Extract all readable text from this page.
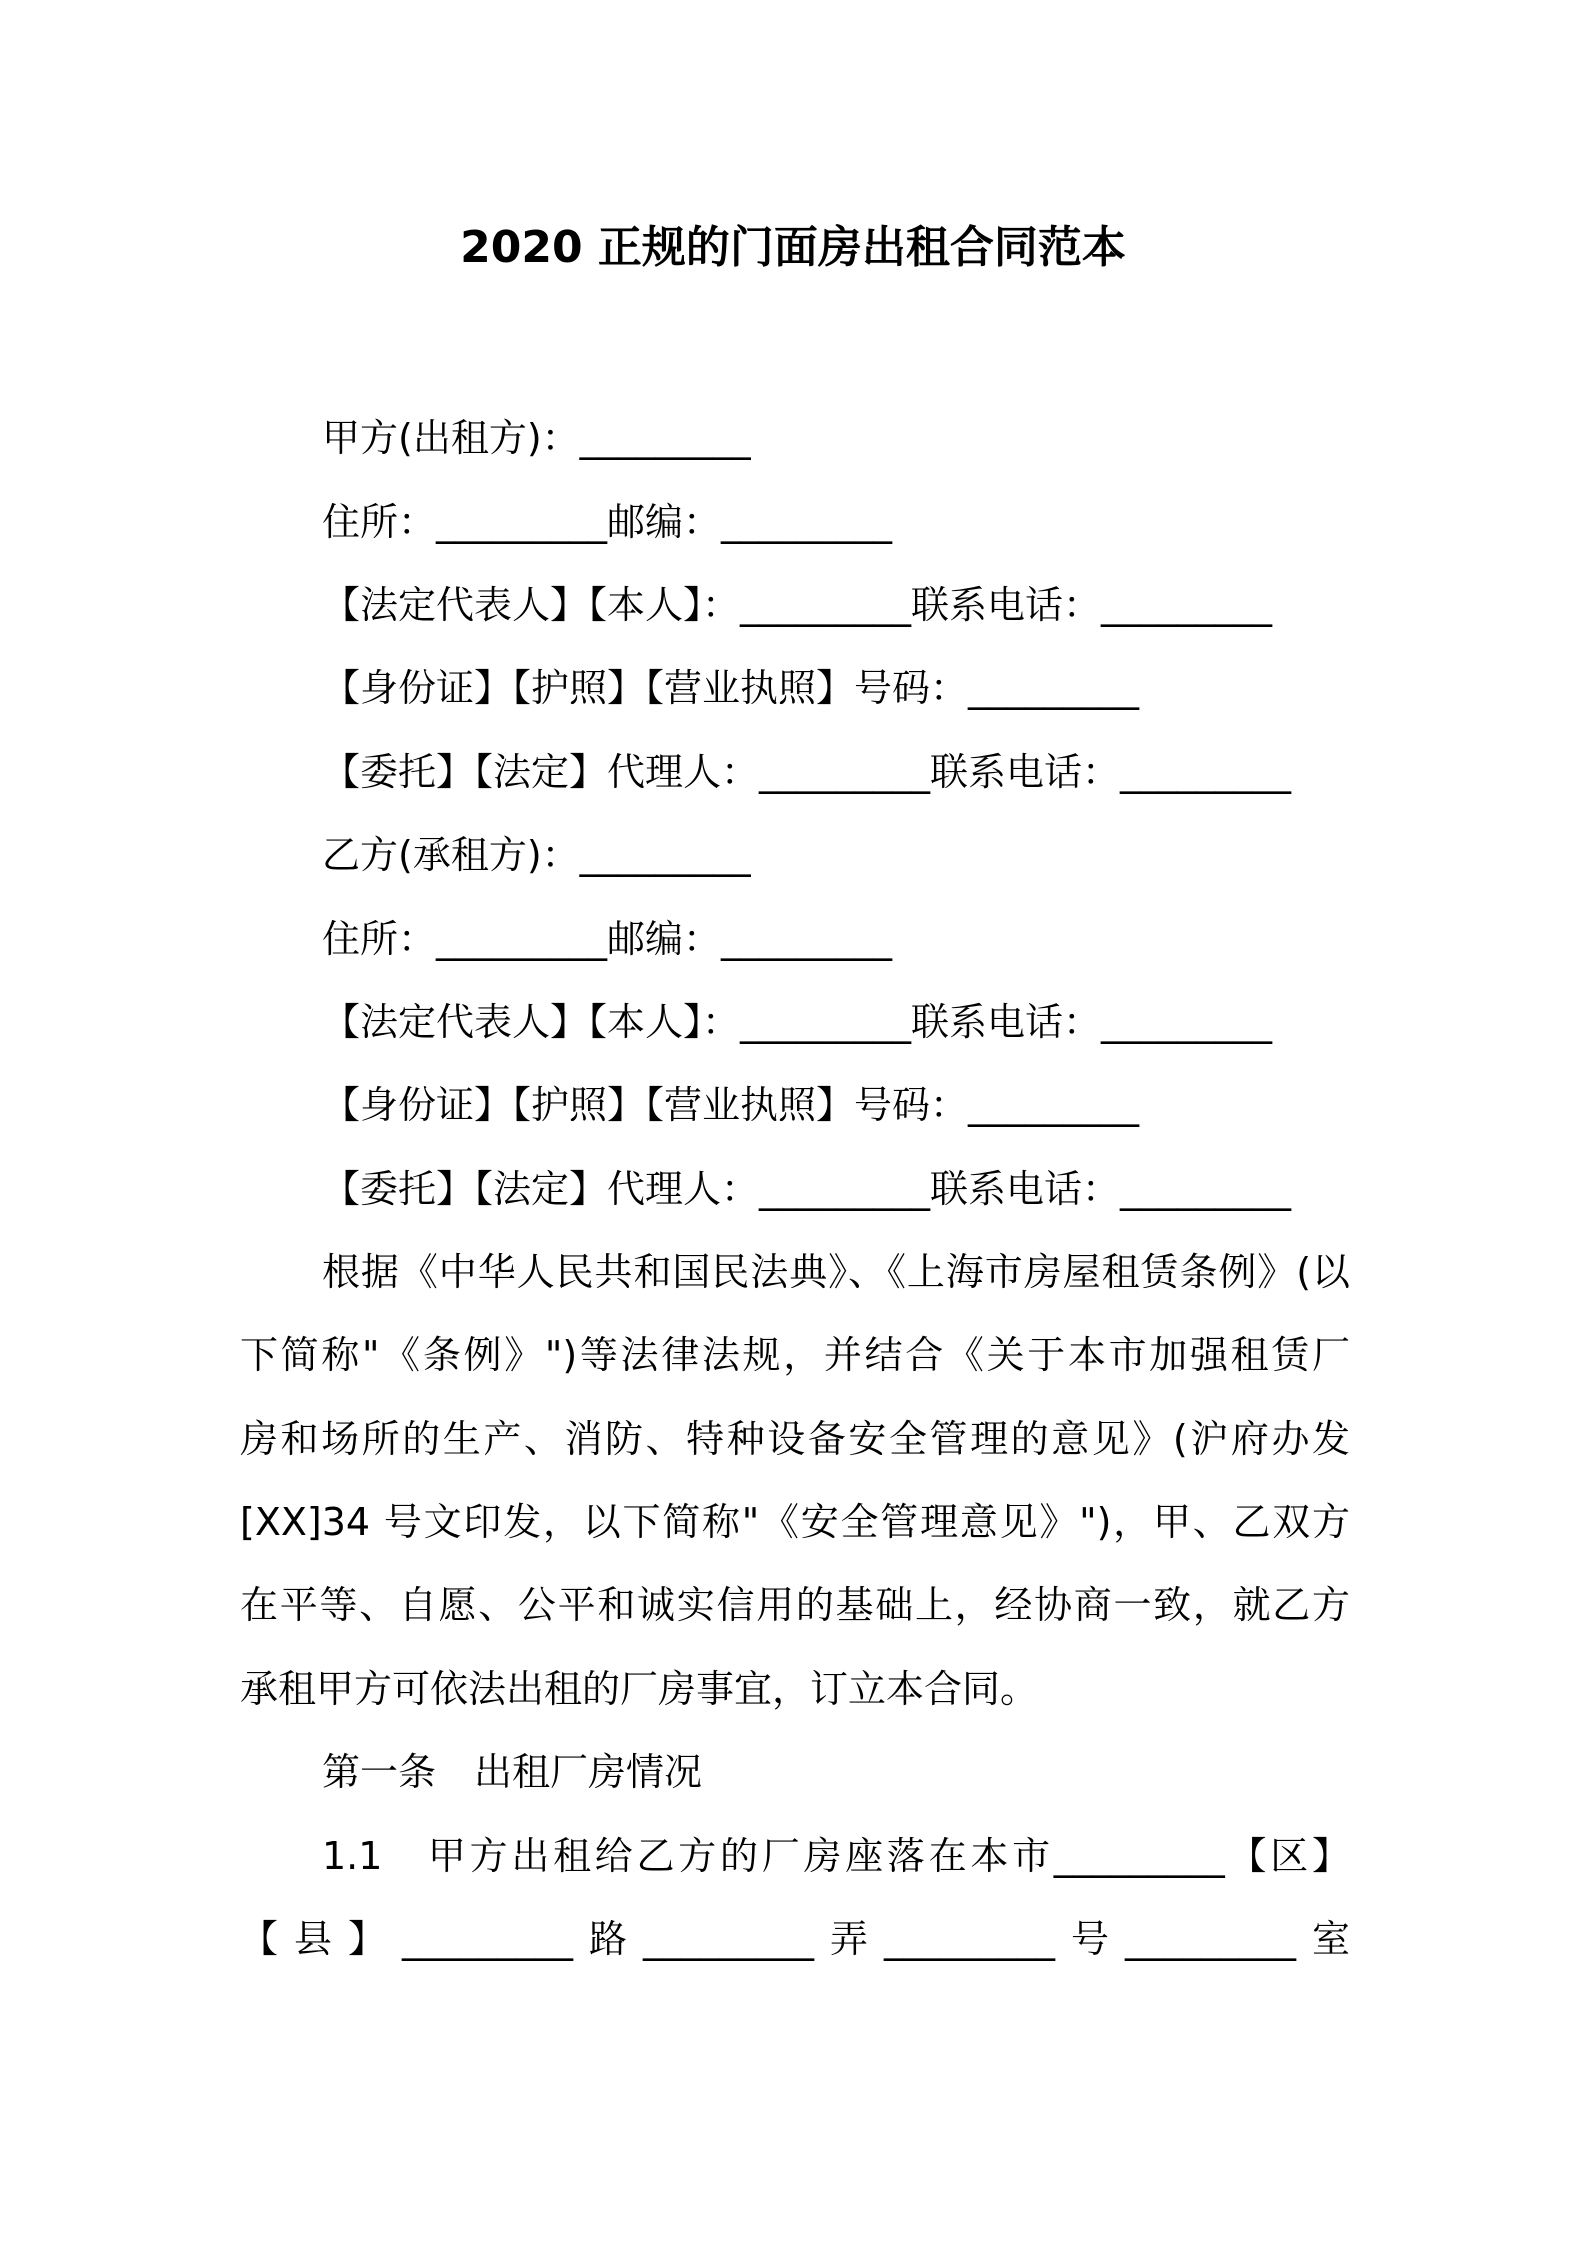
2020 正规的门面房出租合同范本
甲方(出租方)：_________
住所：_________邮编：_________
【法定代表人】【本人】：_________联系电话：_________
【身份证】【护照】【营业执照】号码：_________
【委托】【法定】代理人：_________联系电话：_________
乙方(承租方)：_________
住所：_________邮编：_________
【法定代表人】【本人】：_________联系电话：_________
【身份证】【护照】【营业执照】号码：_________
【委托】【法定】代理人：_________联系电话：_________
根据《中华人民共和国民法典》、《上海市房屋租赁条例》(以
下简称"《条例》")等法律法规，并结合《关于本市加强租赁厂
房和场所的生产、消防、特种设备安全管理的意见》(沪府办发
[XX]34 号文印发，以下简称"《安全管理意见》")，甲、乙双方
在平等、自愿、公平和诚实信用的基础上，经协商一致，就乙方
承租甲方可依法出租的厂房事宜，订立本合同。
第一条　出租厂房情况
1.1　甲方出租给乙方的厂房座落在本市_________【区】
【县】_________路_________弄_________号_________室
